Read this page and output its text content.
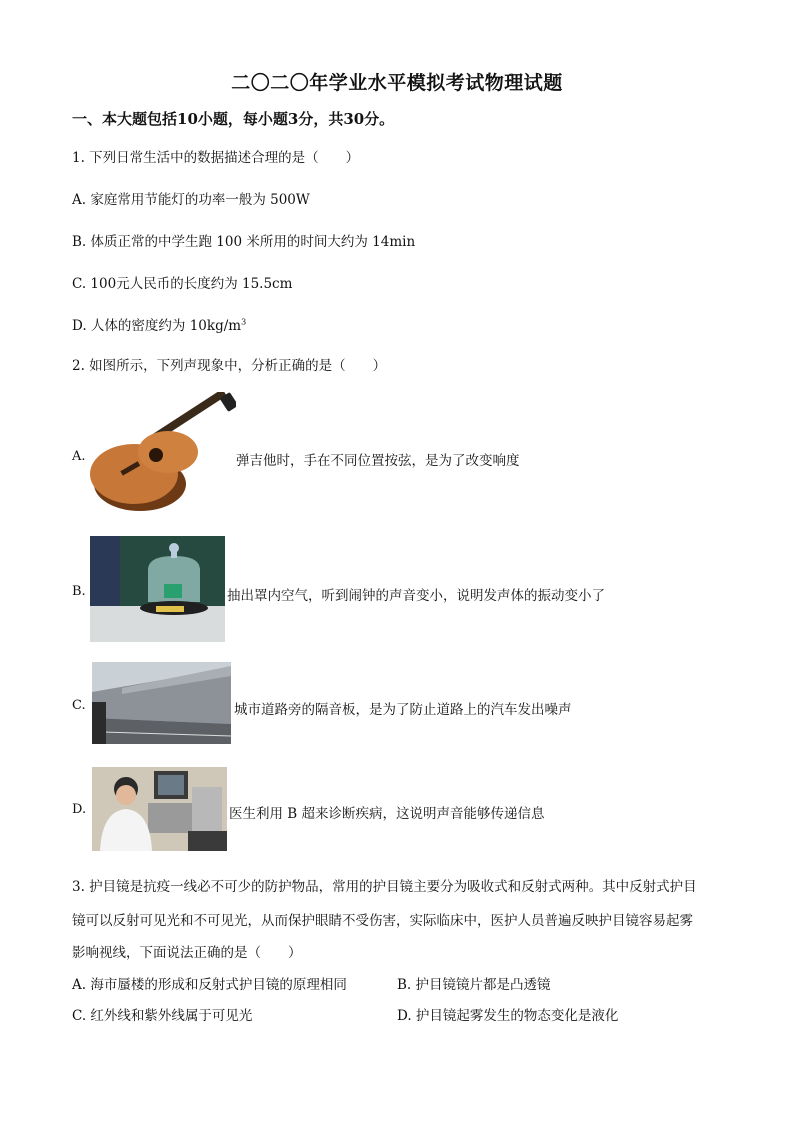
二〇二〇年学业水平模拟考试物理试题
一、本大题包括10小题，每小题3分，共30分。
1. 下列日常生活中的数据描述合理的是（　　）
A. 家庭常用节能灯的功率一般为 500W
B. 体质正常的中学生跑 100 米所用的时间大约为 14min
C. 100元人民币的长度约为 15.5cm
D. 人体的密度约为 $10kg/m^3$
2. 如图所示，下列声现象中，分析正确的是（　　）
A.	弹吉他时，手在不同位置按弦，是为了改变响度
B.	抽出罩内空气，听到闹钟的声音变小，说明发声体的振动变小了
C.	城市道路旁的隔音板，是为了防止道路上的汽车发出噪声
D.	医生利用 B 超来诊断疾病，这说明声音能够传递信息
3. 护目镜是抗疫一线必不可少的防护物品，常用的护目镜主要分为吸收式和反射式两种。其中反射式护目
镜可以反射可见光和不可见光，从而保护眼睛不受伤害，实际临床中，医护人员普遍反映护目镜容易起雾
影响视线，下面说法正确的是（　　）
A. 海市蜃楼的形成和反射式护目镜的原理相同	B. 护目镜镜片都是凸透镜
C. 红外线和紫外线属于可见光	D. 护目镜起雾发生的物态变化是液化
